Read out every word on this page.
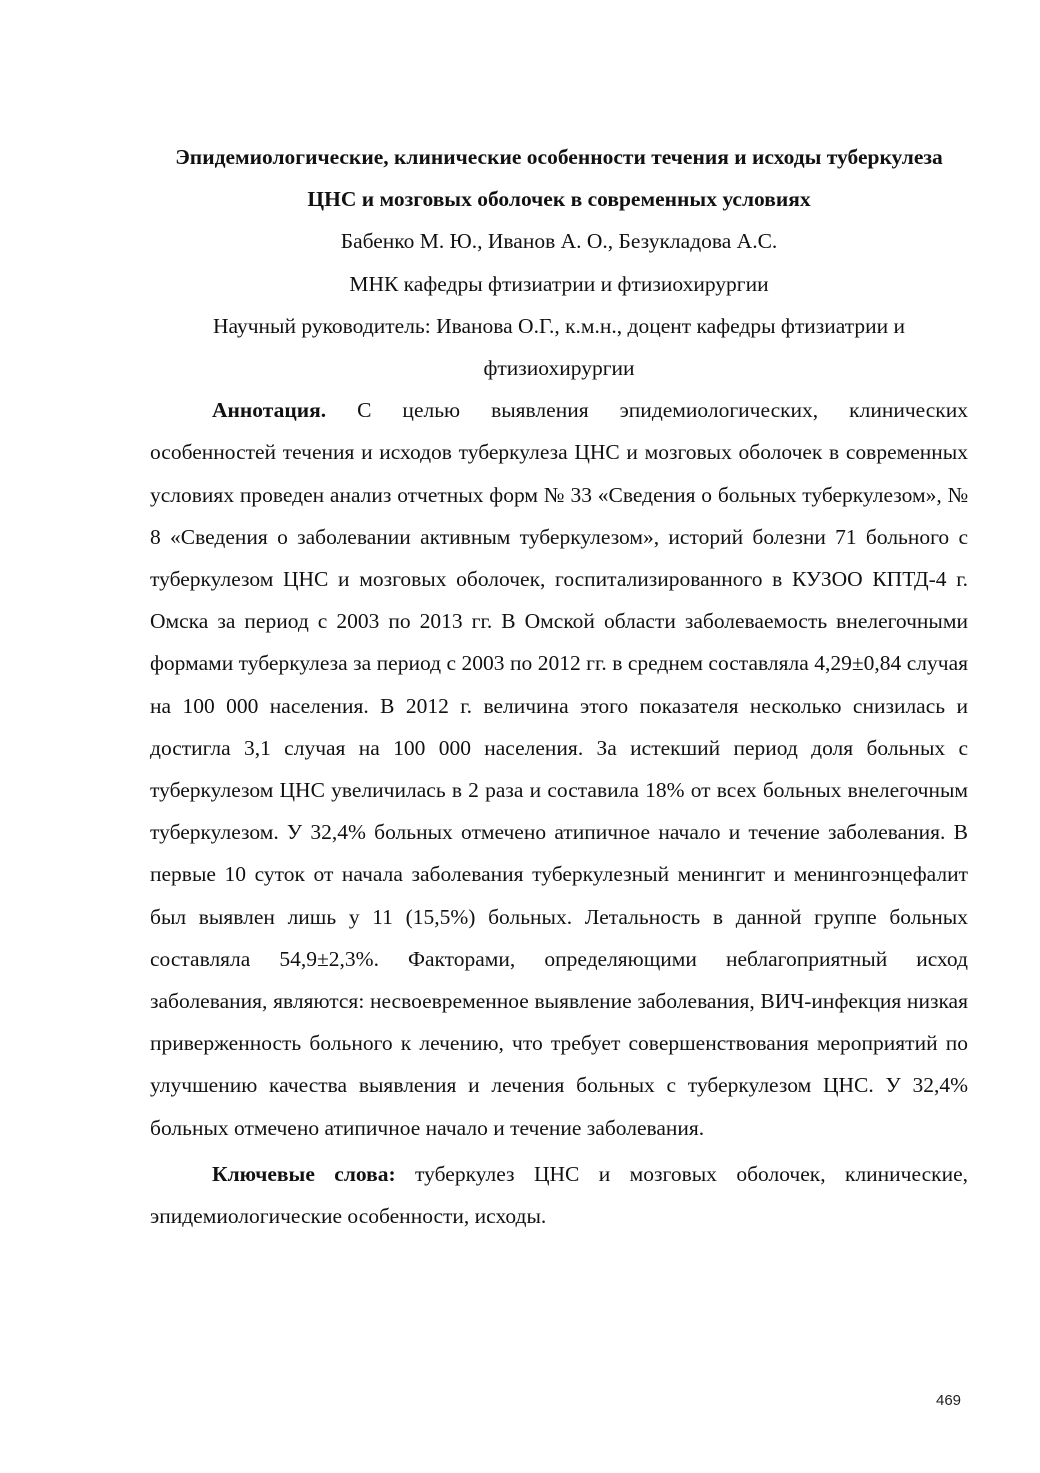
Эпидемиологические, клинические особенности течения и исходы туберкулеза ЦНС и мозговых оболочек в современных условиях

Бабенко М. Ю., Иванов А. О., Безукладова А.С.

МНК кафедры фтизиатрии и фтизиохирургии

Научный руководитель: Иванова О.Г., к.м.н., доцент кафедры фтизиатрии и фтизиохирургии

Аннотация. С целью выявления эпидемиологических, клинических особенностей течения и исходов туберкулеза ЦНС и мозговых оболочек в современных условиях проведен анализ отчетных форм № 33 «Сведения о больных туберкулезом», № 8 «Сведения о заболевании активным туберкулезом», историй болезни 71 больного с туберкулезом ЦНС и мозговых оболочек, госпитализированного в КУЗОО КПТД-4 г. Омска за период с 2003 по 2013 гг. В Омской области заболеваемость внелегочными формами туберкулеза за период с 2003 по 2012 гг. в среднем составляла 4,29±0,84 случая на 100 000 населения. В 2012 г. величина этого показателя несколько снизилась и достигла 3,1 случая на 100 000 населения. За истекший период доля больных с туберкулезом ЦНС увеличилась в 2 раза и составила 18% от всех больных внелегочным туберкулезом. У 32,4% больных отмечено атипичное начало и течение заболевания. В первые 10 суток от начала заболевания туберкулезный менингит и менингоэнцефалит был выявлен лишь у 11 (15,5%) больных. Летальность в данной группе больных составляла 54,9±2,3%. Факторами, определяющими неблагоприятный исход заболевания, являются: несвоевременное выявление заболевания, ВИЧ-инфекция низкая приверженность больного к лечению, что требует совершенствования мероприятий по улучшению качества выявления и лечения больных с туберкулезом ЦНС. У 32,4% больных отмечено атипичное начало и течение заболевания.

Ключевые слова: туберкулез ЦНС и мозговых оболочек, клинические, эпидемиологические особенности, исходы.

469
